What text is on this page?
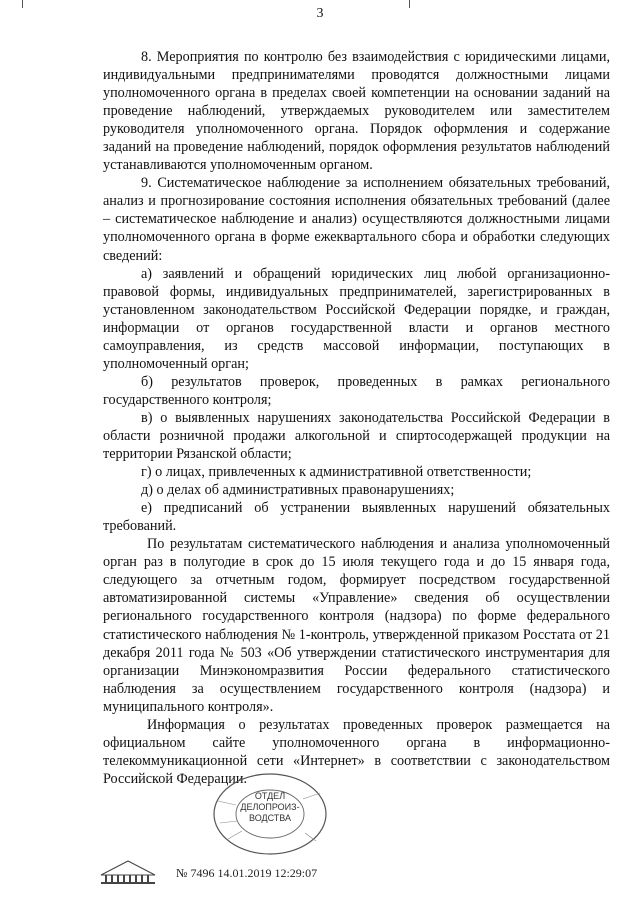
3

8. Мероприятия по контролю без взаимодействия с юридическими лицами, индивидуальными предпринимателями проводятся должностными лицами уполномоченного органа в пределах своей компетенции на основании заданий на проведение наблюдений, утверждаемых руководителем или заместителем руководителя уполномоченного органа. Порядок оформления и содержание заданий на проведение наблюдений, порядок оформления результатов наблюдений устанавливаются уполномоченным органом.

9. Систематическое наблюдение за исполнением обязательных требований, анализ и прогнозирование состояния исполнения обязательных требований (далее – систематическое наблюдение и анализ) осуществляются должностными лицами уполномоченного органа в форме ежеквартального сбора и обработки следующих сведений:

а) заявлений и обращений юридических лиц любой организационно-правовой формы, индивидуальных предпринимателей, зарегистрированных в установленном законодательством Российской Федерации порядке, и граждан, информации от органов государственной власти и органов местного самоуправления, из средств массовой информации, поступающих в уполномоченный орган;

б) результатов проверок, проведенных в рамках регионального государственного контроля;

в) о выявленных нарушениях законодательства Российской Федерации в области розничной продажи алкогольной и спиртосодержащей продукции на территории Рязанской области;

г) о лицах, привлеченных к административной ответственности;

д) о делах об административных правонарушениях;

е) предписаний об устранении выявленных нарушений обязательных требований.

По результатам систематического наблюдения и анализа уполномоченный орган раз в полугодие в срок до 15 июля текущего года и до 15 января года, следующего за отчетным годом, формирует посредством государственной автоматизированной системы «Управление» сведения об осуществлении регионального государственного контроля (надзора) по форме федерального статистического наблюдения № 1-контроль, утвержденной приказом Росстата от 21 декабря 2011 года № 503 «Об утверждении статистического инструментария для организации Минэкономразвития России федерального статистического наблюдения за осуществлением государственного контроля (надзора) и муниципального контроля».

Информация о результатах проведенных проверок размещается на официальном сайте уполномоченного органа в информационно-телекоммуникационной сети «Интернет» в соответствии с законодательством Российской Федерации.

ОТДЕЛ
ДЕЛОПРОИЗ-
ВОДСТВА
№ 7496 14.01.2019 12:29:07
